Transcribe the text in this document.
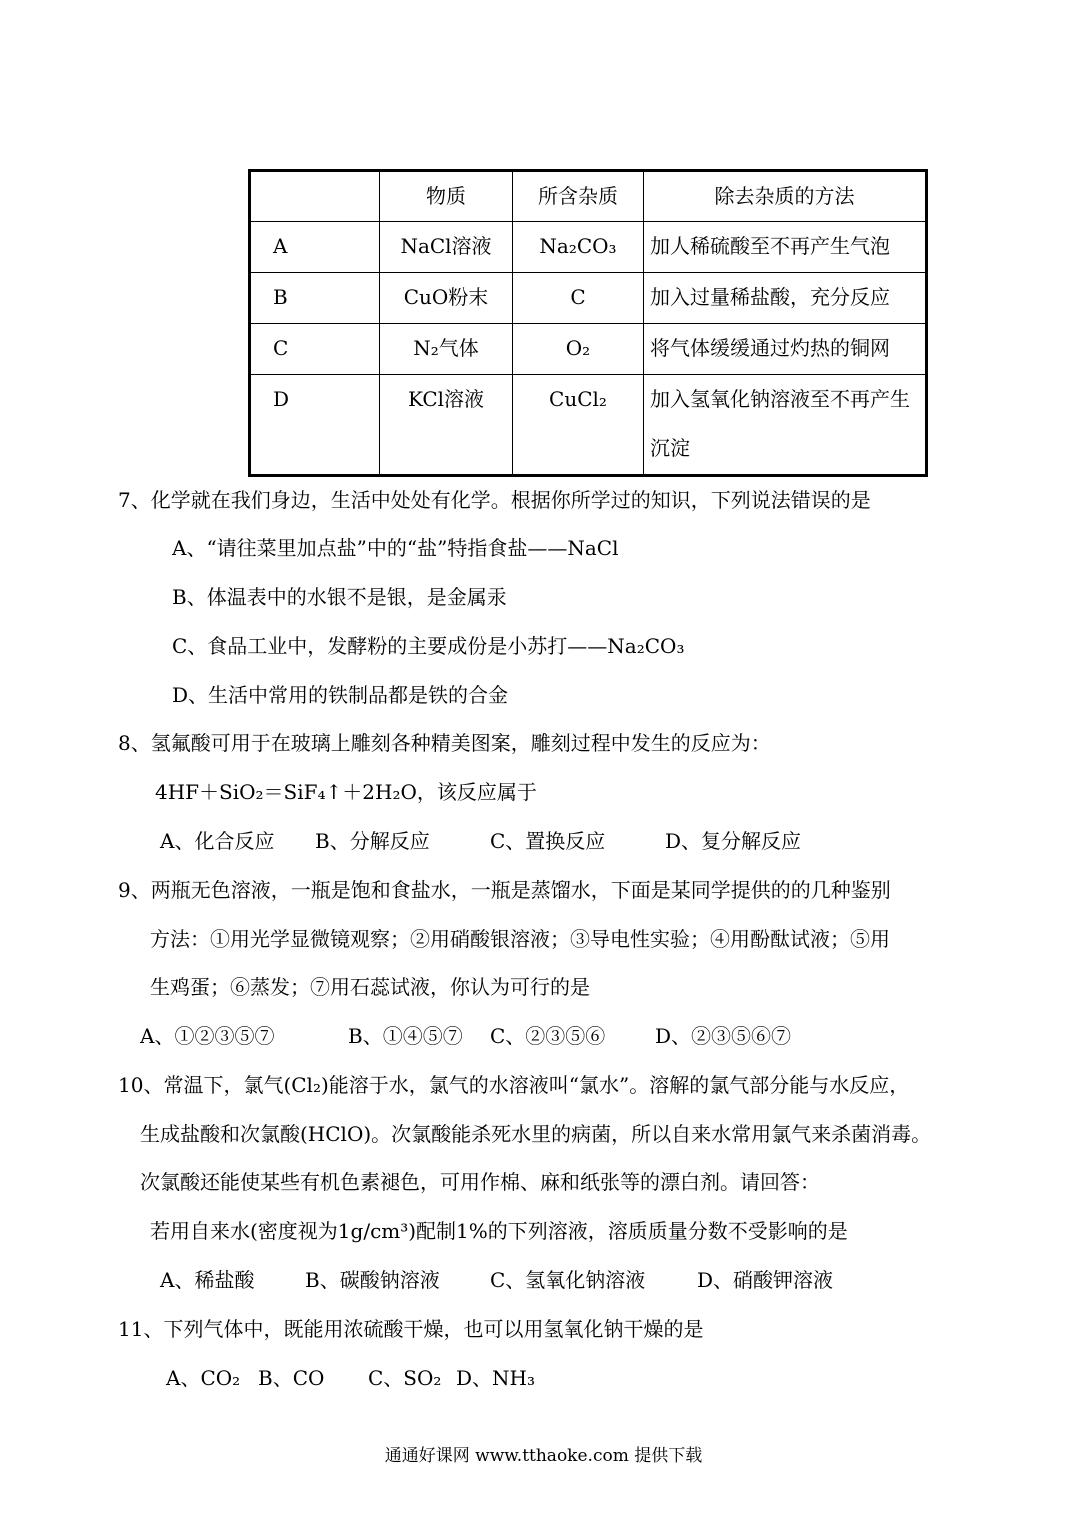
	物质	所含杂质	除去杂质的方法
A	NaCl溶液	Na₂CO₃	加人稀硫酸至不再产生气泡
B	CuO粉末	C	加入过量稀盐酸，充分反应
C	N₂气体	O₂	将气体缓缓通过灼热的铜网
D	KCl溶液	CuCl₂	加入氢氧化钠溶液至不再产生沉淀
7、化学就在我们身边，生活中处处有化学。根据你所学过的知识，下列说法错误的是
A、“请往菜里加点盐”中的“盐”特指食盐——NaCl
B、体温表中的水银不是银，是金属汞
C、食品工业中，发酵粉的主要成份是小苏打——Na₂CO₃
D、生活中常用的铁制品都是铁的合金
8、氢氟酸可用于在玻璃上雕刻各种精美图案，雕刻过程中发生的反应为：
4HF＋SiO₂＝SiF₄↑＋2H₂O，该反应属于
A、化合反应 B、分解反应	C、置换反应	D、复分解反应
9、两瓶无色溶液，一瓶是饱和食盐水，一瓶是蒸馏水，下面是某同学提供的的几种鉴别
方法：①用光学显微镜观察；②用硝酸银溶液；③导电性实验；④用酚酞试液；⑤用
生鸡蛋；⑥蒸发；⑦用石蕊试液，你认为可行的是
A、①②③⑤⑦	B、①④⑤⑦ C、②③⑤⑥ D、②③⑤⑥⑦
10、常温下，氯气(Cl₂)能溶于水，氯气的水溶液叫“氯水”。溶解的氯气部分能与水反应，
生成盐酸和次氯酸(HClO)。次氯酸能杀死水里的病菌，所以自来水常用氯气来杀菌消毒。
次氯酸还能使某些有机色素褪色，可用作棉、麻和纸张等的漂白剂。请回答：
若用自来水(密度视为1g/cm³)配制1%的下列溶液，溶质质量分数不受影响的是
A、稀盐酸	B、碳酸钠溶液	C、氢氧化钠溶液	D、硝酸钾溶液
11、下列气体中，既能用浓硫酸干燥，也可以用氢氧化钠干燥的是
A、CO₂ B、CO C、SO₂ D、NH₃
通通好课网 www.tthaoke.com 提供下载
